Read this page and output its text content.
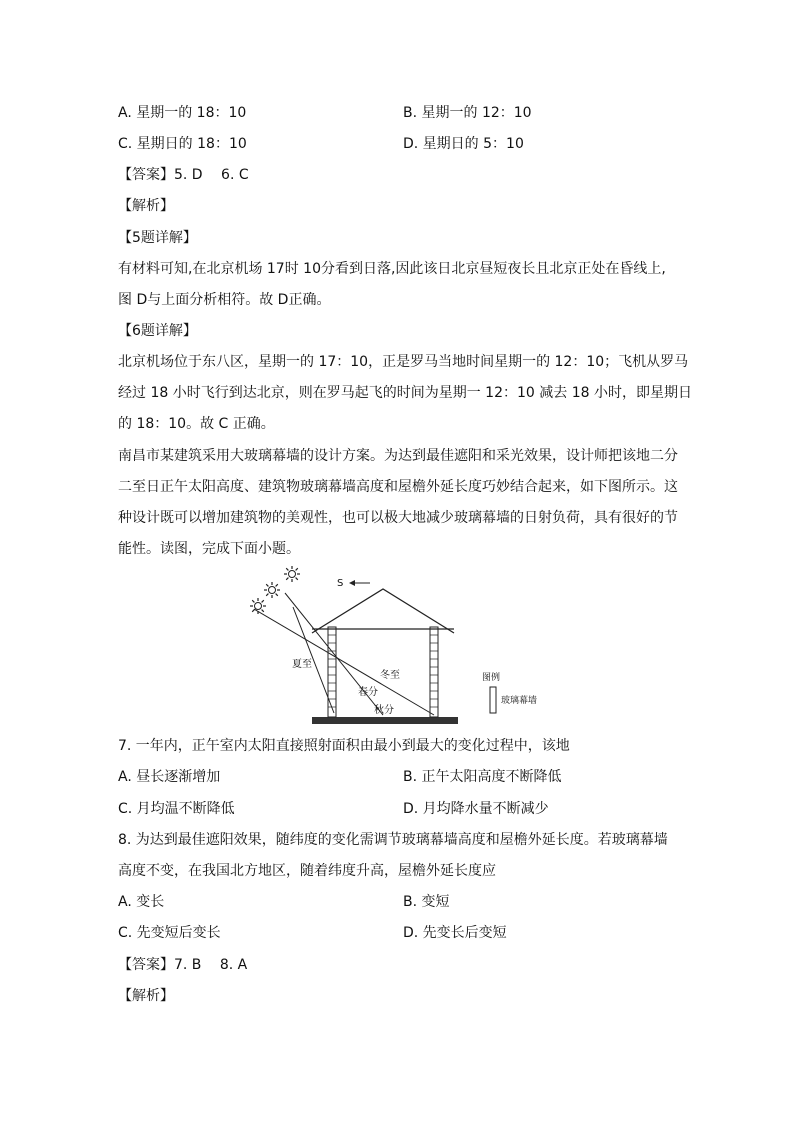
A. 星期一的 18：10	B. 星期一的 12：10
C. 星期日的 18：10	D. 星期日的 5：10
【答案】5. D　 6. C
【解析】
【5题详解】
有材料可知,在北京机场 17时 10分看到日落,因此该日北京昼短夜长且北京正处在昏线上,
图 D与上面分析相符。故 D正确。
【6题详解】
北京机场位于东八区，星期一的 17：10，正是罗马当地时间星期一的 12：10；飞机从罗马
经过 18 小时飞行到达北京，则在罗马起飞的时间为星期一 12：10 减去 18 小时，即星期日
的 18：10。故 C 正确。
南昌市某建筑采用大玻璃幕墙的设计方案。为达到最佳遮阳和采光效果，设计师把该地二分
二至日正午太阳高度、建筑物玻璃幕墙高度和屋檐外延长度巧妙结合起来，如下图所示。这
种设计既可以增加建筑物的美观性，也可以极大地减少玻璃幕墙的日射负荷，具有很好的节
能性。读图，完成下面小题。
S
夏至
冬至
春分
秋分
图例
玻璃幕墙
7. 一年内，正午室内太阳直接照射面积由最小到最大的变化过程中，该地
A. 昼长逐渐增加	B. 正午太阳高度不断降低
C. 月均温不断降低	D. 月均降水量不断减少
8. 为达到最佳遮阳效果，随纬度的变化需调节玻璃幕墙高度和屋檐外延长度。若玻璃幕墙
高度不变，在我国北方地区，随着纬度升高，屋檐外延长度应
A. 变长	B. 变短
C. 先变短后变长	D. 先变长后变短
【答案】7. B　 8. A
【解析】
